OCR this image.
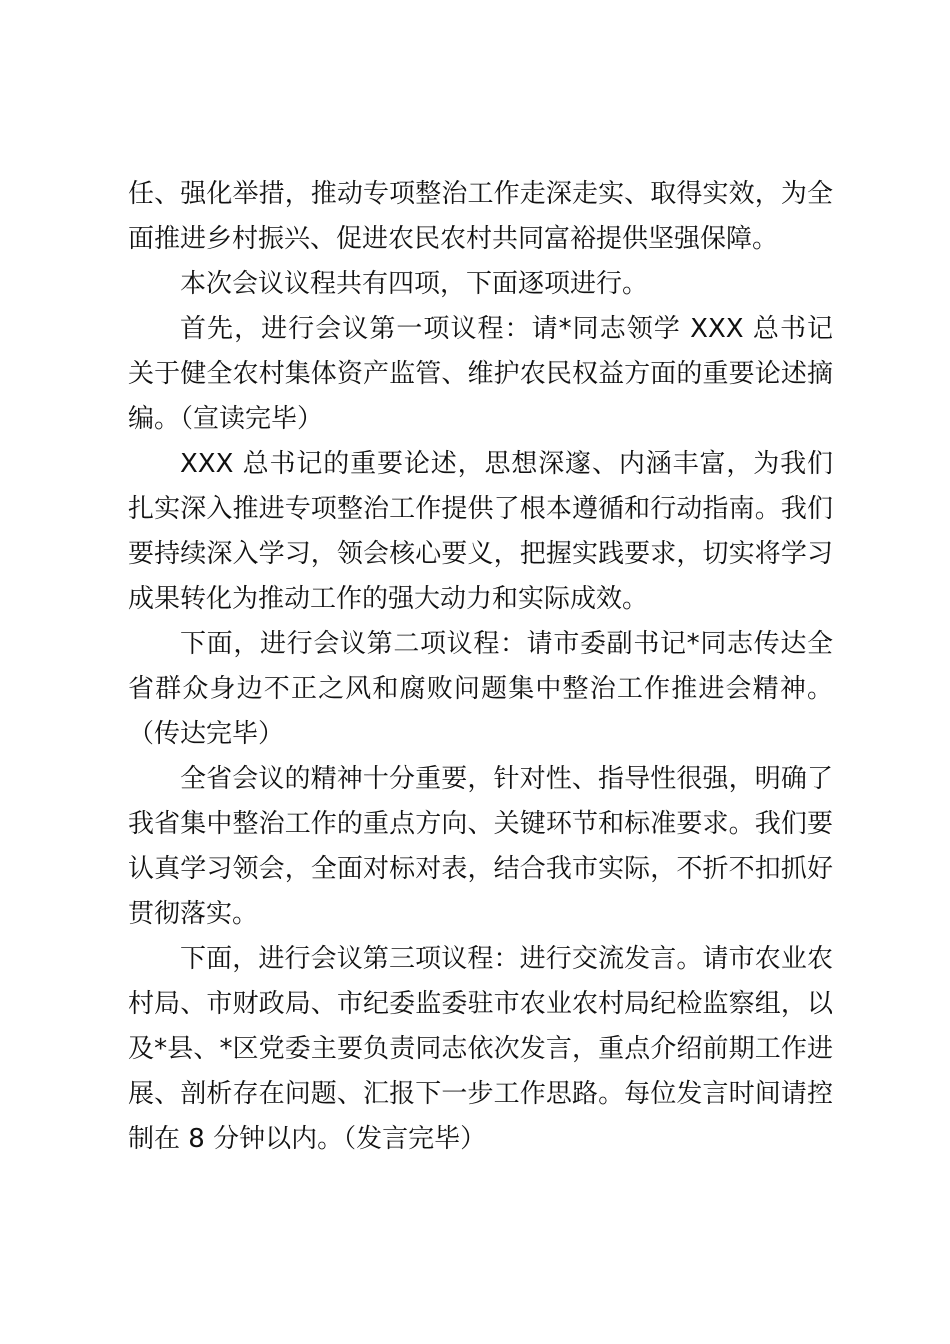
任、强化举措，推动专项整治工作走深走实、取得实效，为全面推进乡村振兴、促进农民农村共同富裕提供坚强保障。

本次会议议程共有四项，下面逐项进行。

首先，进行会议第一项议程：请*同志领学 XXX 总书记关于健全农村集体资产监管、维护农民权益方面的重要论述摘编。（宣读完毕）

XXX 总书记的重要论述，思想深邃、内涵丰富，为我们扎实深入推进专项整治工作提供了根本遵循和行动指南。我们要持续深入学习，领会核心要义，把握实践要求，切实将学习成果转化为推动工作的强大动力和实际成效。

下面，进行会议第二项议程：请市委副书记*同志传达全省群众身边不正之风和腐败问题集中整治工作推进会精神。（传达完毕）

全省会议的精神十分重要，针对性、指导性很强，明确了我省集中整治工作的重点方向、关键环节和标准要求。我们要认真学习领会，全面对标对表，结合我市实际，不折不扣抓好贯彻落实。

下面，进行会议第三项议程：进行交流发言。请市农业农村局、市财政局、市纪委监委驻市农业农村局纪检监察组，以及*县、*区党委主要负责同志依次发言，重点介绍前期工作进展、剖析存在问题、汇报下一步工作思路。每位发言时间请控制在 8 分钟以内。（发言完毕）
